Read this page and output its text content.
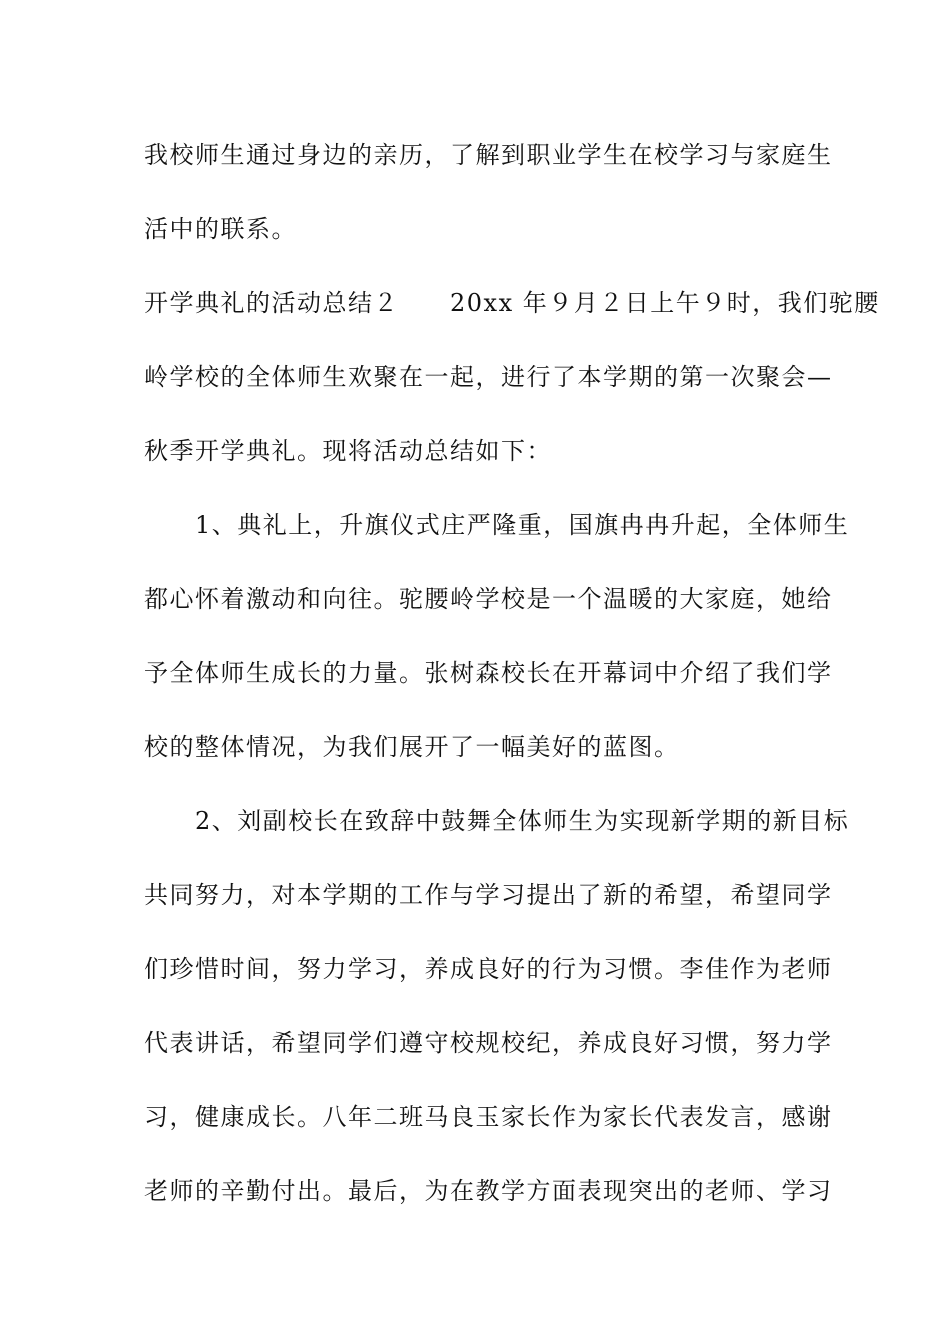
我校师生通过身边的亲历，了解到职业学生在校学习与家庭生
活中的联系。
开学典礼的活动总结２　　20xx 年９月２日上午９时，我们驼腰
岭学校的全体师生欢聚在一起，进行了本学期的第一次聚会—
秋季开学典礼。现将活动总结如下：
　　1、典礼上，升旗仪式庄严隆重，国旗冉冉升起，全体师生
都心怀着激动和向往。驼腰岭学校是一个温暖的大家庭，她给
予全体师生成长的力量。张树森校长在开幕词中介绍了我们学
校的整体情况，为我们展开了一幅美好的蓝图。
　　2、刘副校长在致辞中鼓舞全体师生为实现新学期的新目标
共同努力，对本学期的工作与学习提出了新的希望，希望同学
们珍惜时间，努力学习，养成良好的行为习惯。李佳作为老师
代表讲话，希望同学们遵守校规校纪，养成良好习惯，努力学
习，健康成长。八年二班马良玉家长作为家长代表发言，感谢
老师的辛勤付出。最后，为在教学方面表现突出的老师、学习
